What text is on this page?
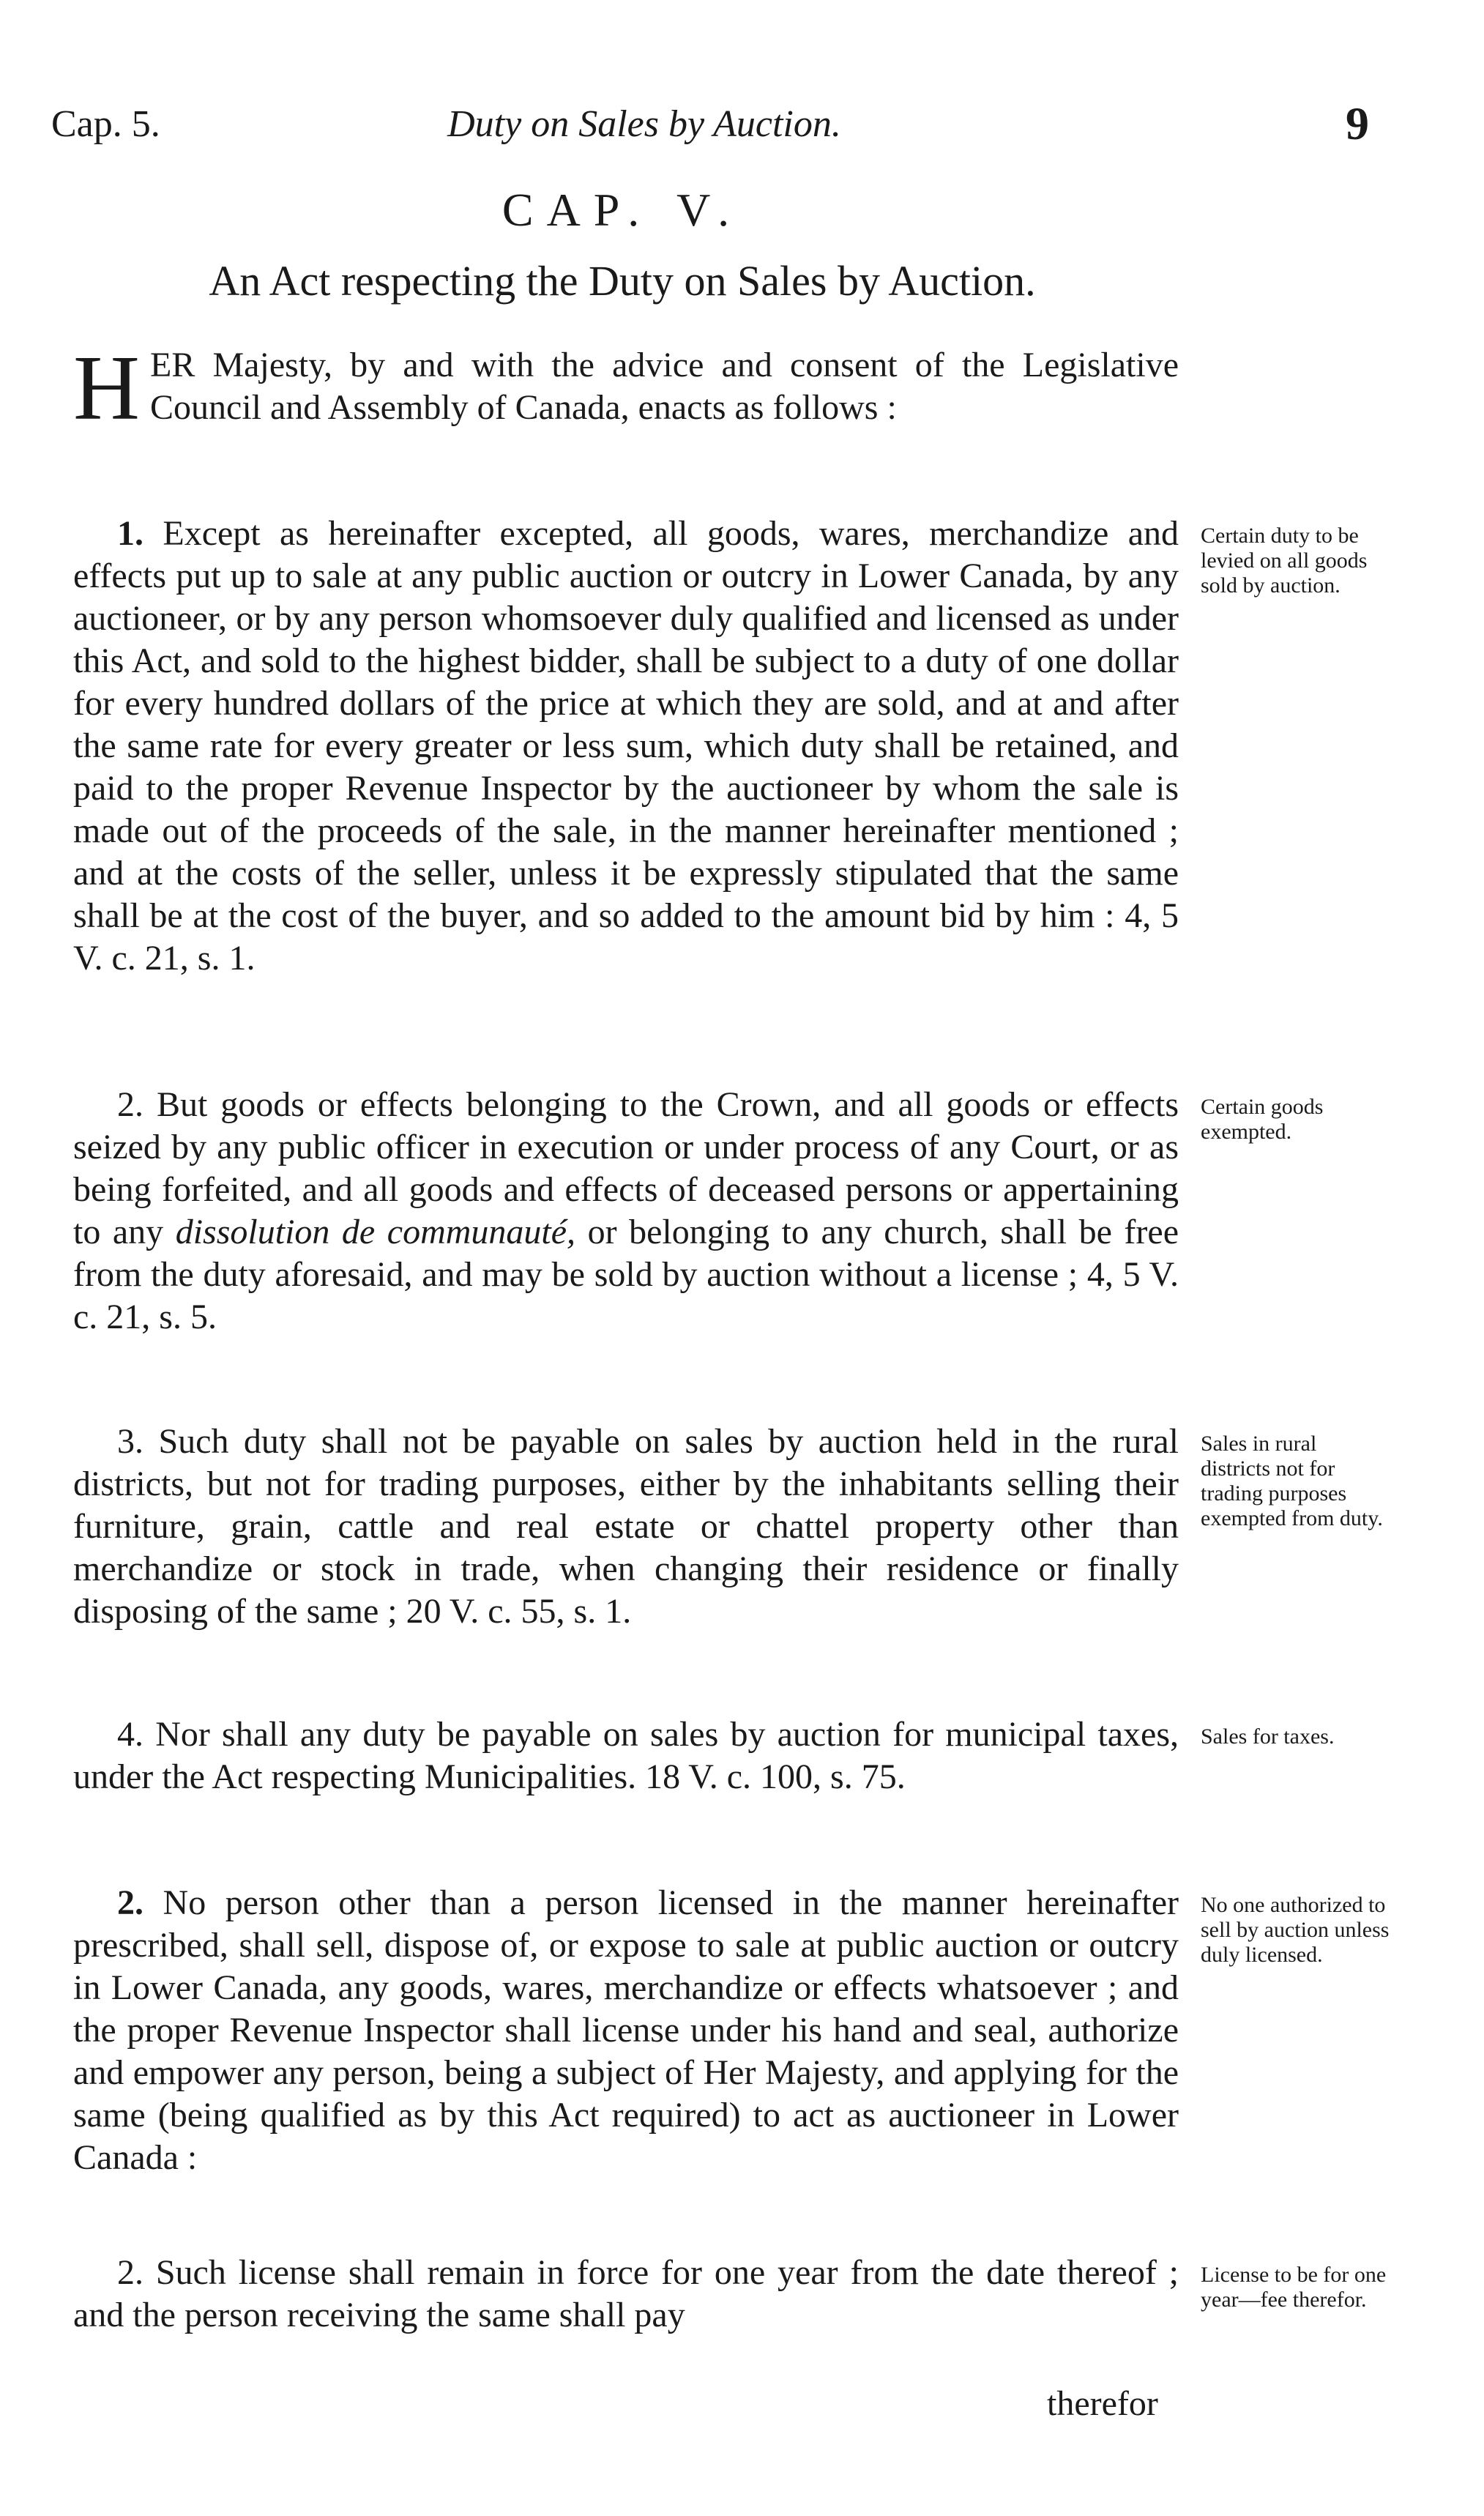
Cap. 5.	Duty on Sales by Auction.	9
CAP. V.
An Act respecting the Duty on Sales by Auction.
HER Majesty, by and with the advice and consent of the Legislative Council and Assembly of Canada, enacts as follows :
1. Except as hereinafter excepted, all goods, wares, merchandize and effects put up to sale at any public auction or outcry in Lower Canada, by any auctioneer, or by any person whomsoever duly qualified and licensed as under this Act, and sold to the highest bidder, shall be subject to a duty of one dollar for every hundred dollars of the price at which they are sold, and at and after the same rate for every greater or less sum, which duty shall be retained, and paid to the proper Revenue Inspector by the auctioneer by whom the sale is made out of the proceeds of the sale, in the manner hereinafter mentioned ; and at the costs of the seller, unless it be expressly stipulated that the same shall be at the cost of the buyer, and so added to the amount bid by him : 4, 5 V. c. 21, s. 1.
Certain duty to be levied on all goods sold by auction.
2. But goods or effects belonging to the Crown, and all goods or effects seized by any public officer in execution or under process of any Court, or as being forfeited, and all goods and effects of deceased persons or appertaining to any dissolution de communauté, or belonging to any church, shall be free from the duty aforesaid, and may be sold by auction without a license ; 4, 5 V. c. 21, s. 5.
Certain goods exempted.
3. Such duty shall not be payable on sales by auction held in the rural districts, but not for trading purposes, either by the inhabitants selling their furniture, grain, cattle and real estate or chattel property other than merchandize or stock in trade, when changing their residence or finally disposing of the same ; 20 V. c. 55, s. 1.
Sales in rural districts not for trading purposes exempted from duty.
4. Nor shall any duty be payable on sales by auction for municipal taxes, under the Act respecting Municipalities. 18 V. c. 100, s. 75.
Sales for taxes.
2. No person other than a person licensed in the manner hereinafter prescribed, shall sell, dispose of, or expose to sale at public auction or outcry in Lower Canada, any goods, wares, merchandize or effects whatsoever ; and the proper Revenue Inspector shall license under his hand and seal, authorize and empower any person, being a subject of Her Majesty, and applying for the same (being qualified as by this Act required) to act as auctioneer in Lower Canada :
No one authorized to sell by auction unless duly licensed.
2. Such license shall remain in force for one year from the date thereof ; and the person receiving the same shall pay
License to be for one year—fee therefor.
therefor
